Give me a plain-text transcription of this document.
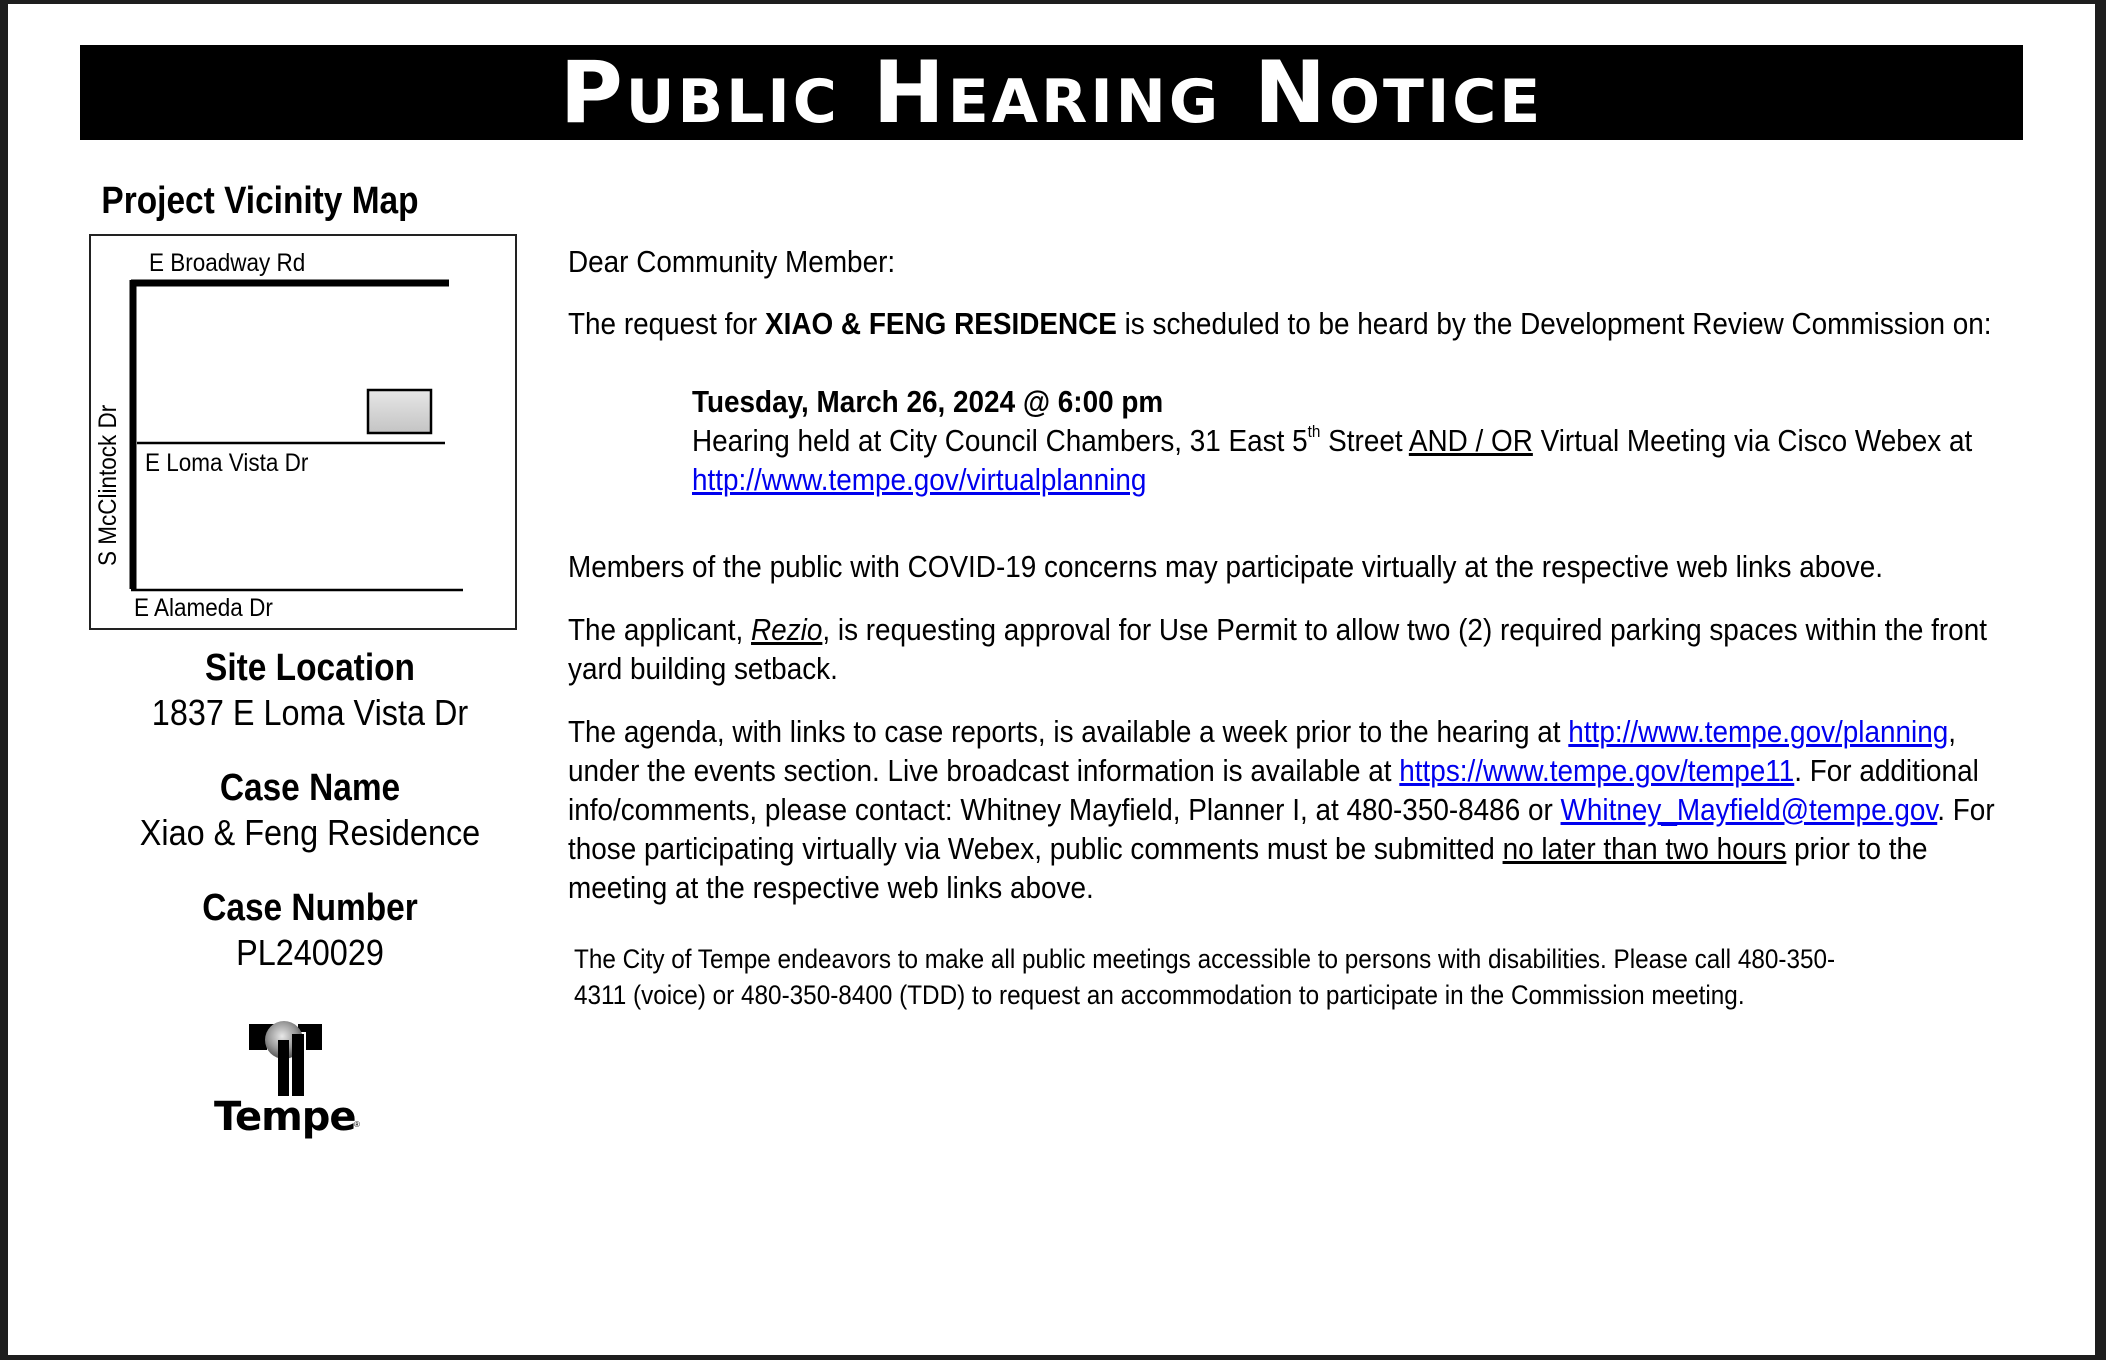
Public Hearing Notice
Project Vicinity Map
E Broadway Rd
E Loma Vista Dr
E Alameda Dr
S McClintock Dr
Site Location
1837 E Loma Vista Dr
Case Name
Xiao & Feng Residence
Case Number
PL240029
Tempe
®
Dear Community Member:
The request for XIAO & FENG RESIDENCE is scheduled to be heard by the Development Review Commission on:
Tuesday, March 26, 2024 @ 6:00 pm
Hearing held at City Council Chambers, 31 East 5th Street AND / OR Virtual Meeting via Cisco Webex at
http://www.tempe.gov/virtualplanning
Members of the public with COVID-19 concerns may participate virtually at the respective web links above.
The applicant, Rezio, is requesting approval for Use Permit to allow two (2) required parking spaces within the front
yard building setback.
The agenda, with links to case reports, is available a week prior to the hearing at http://www.tempe.gov/planning,
under the events section. Live broadcast information is available at https://www.tempe.gov/tempe11. For additional
info/comments, please contact: Whitney Mayfield, Planner I, at 480-350-8486 or Whitney_Mayfield@tempe.gov. For
those participating virtually via Webex, public comments must be submitted no later than two hours prior to the
meeting at the respective web links above.
The City of Tempe endeavors to make all public meetings accessible to persons with disabilities. Please call 480-350-
4311 (voice) or 480-350-8400 (TDD) to request an accommodation to participate in the Commission meeting.
